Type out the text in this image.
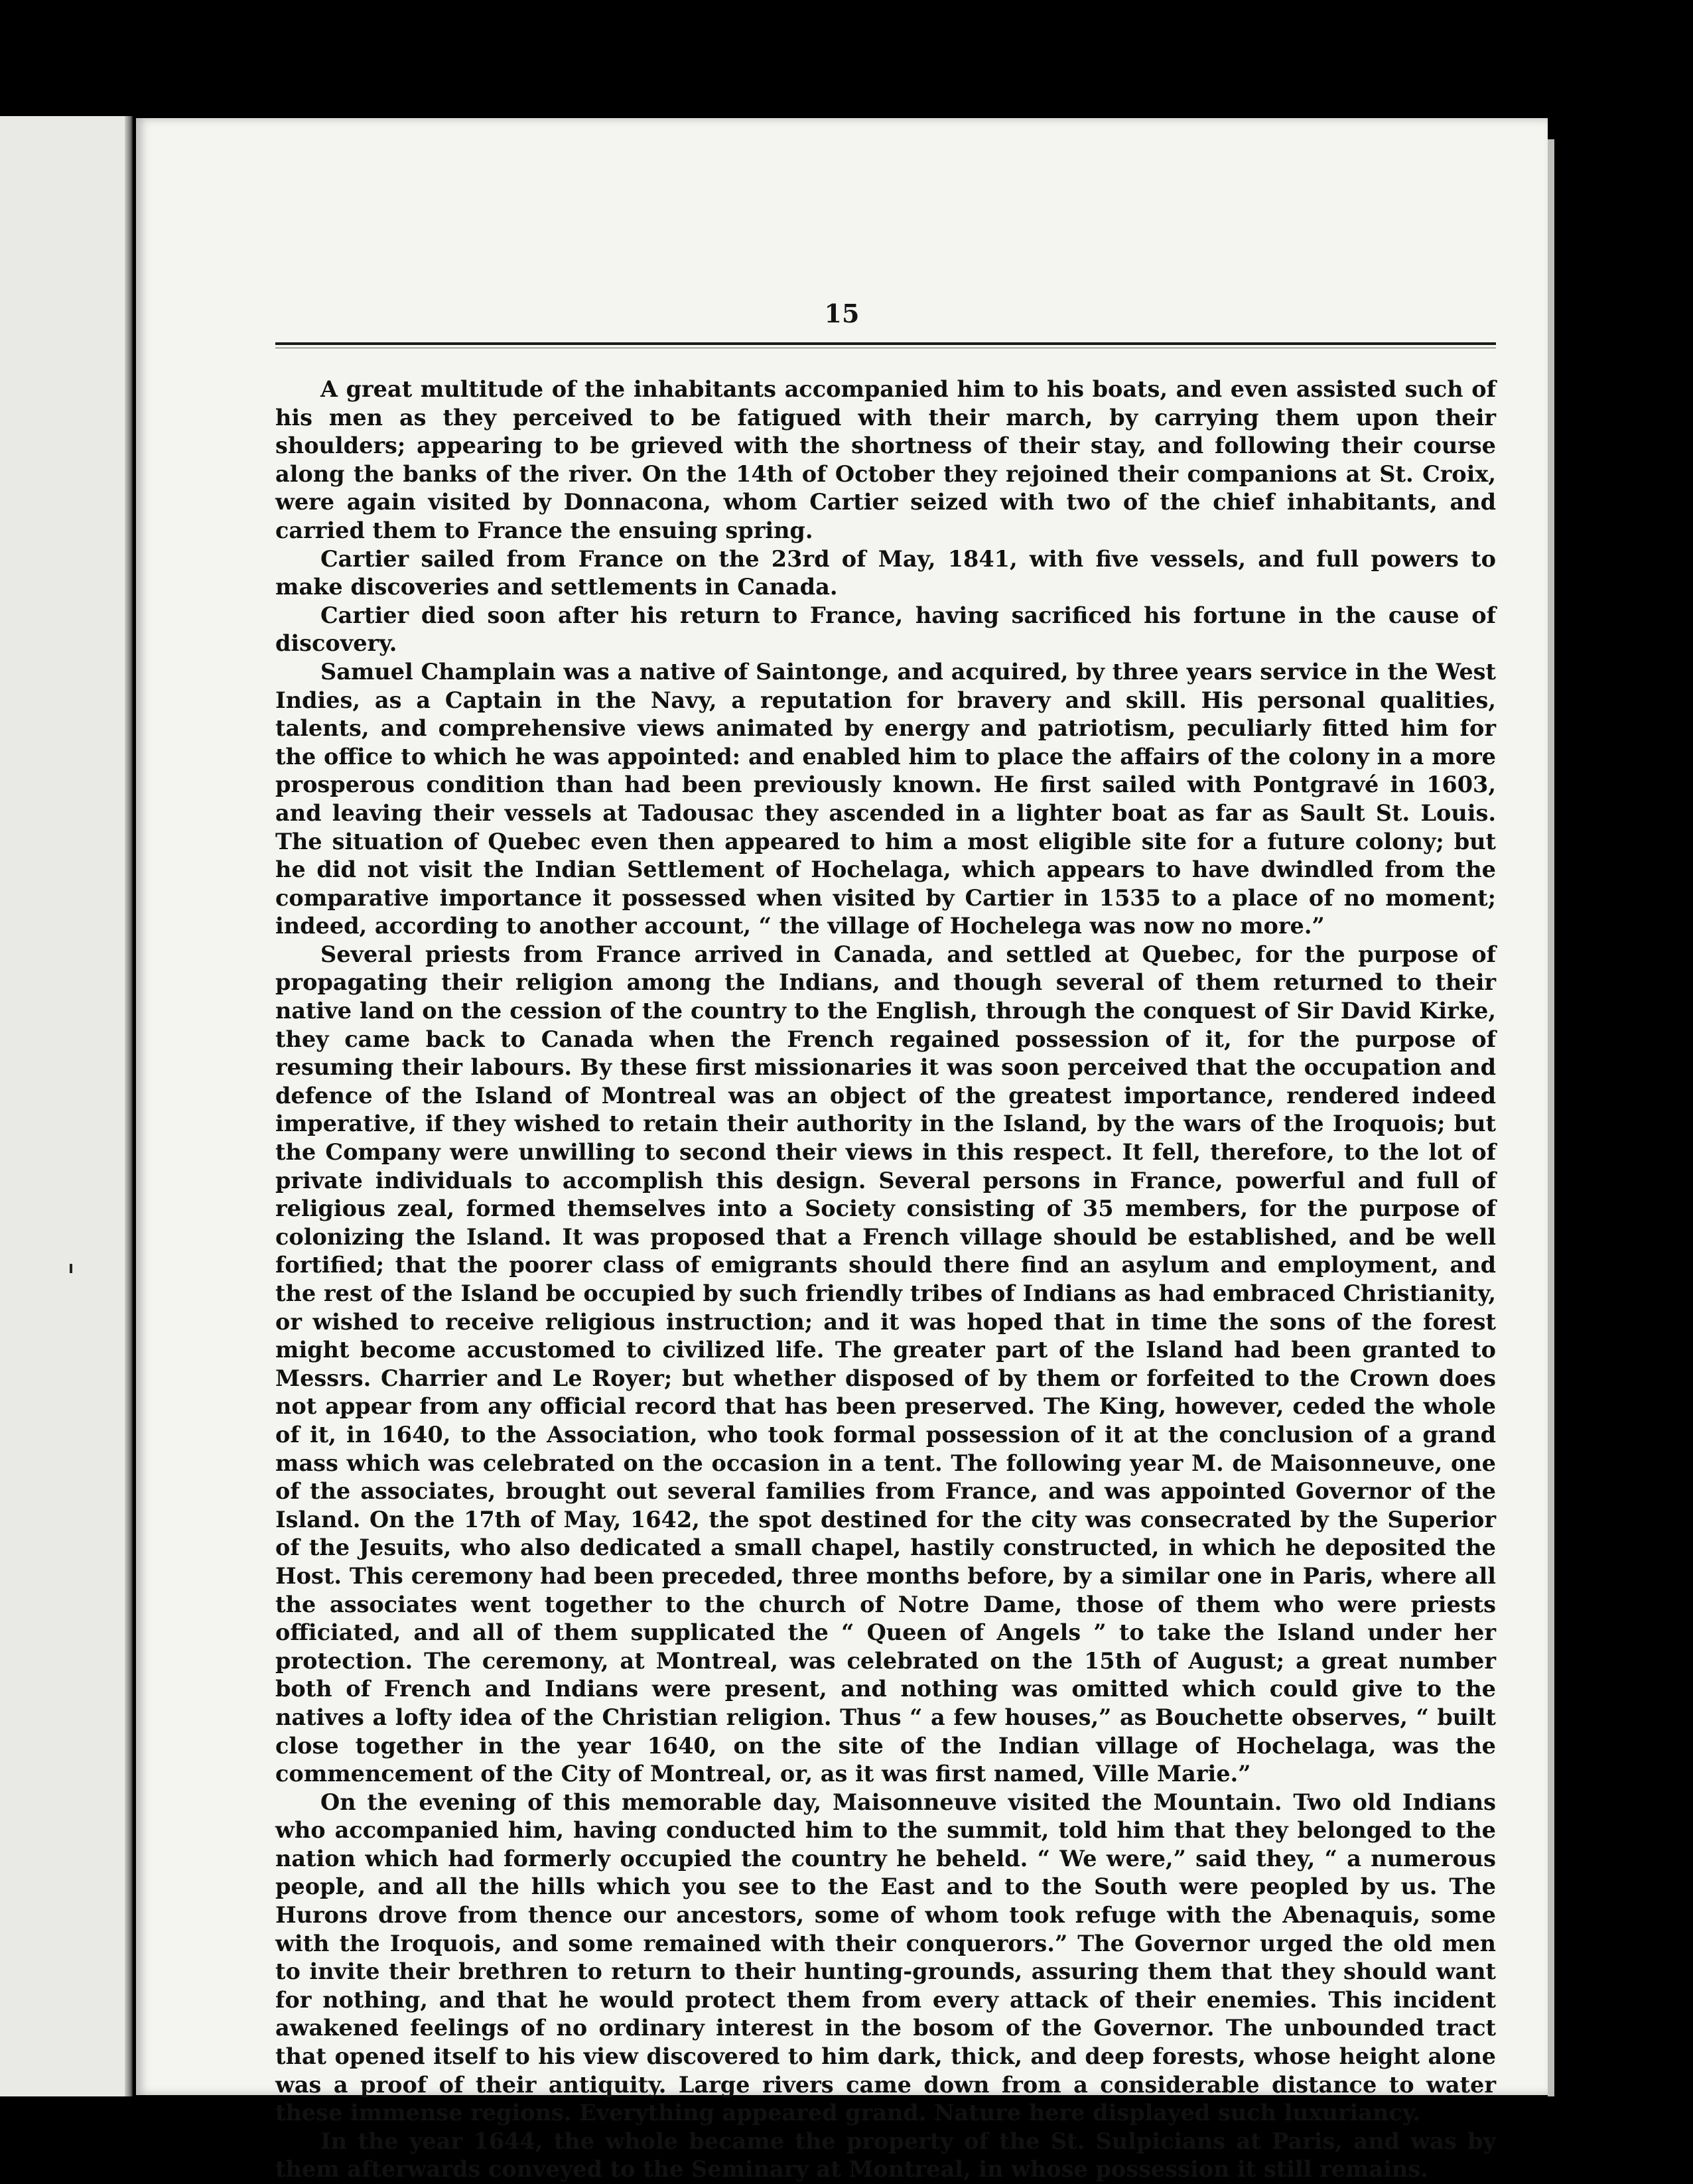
15

A great multitude of the inhabitants accompanied him to his boats, and even assisted such of his men as they perceived to be fatigued with their march, by carrying them upon their shoulders; appearing to be grieved with the shortness of their stay, and following their course along the banks of the river. On the 14th of October they rejoined their companions at St. Croix, were again visited by Donnacona, whom Cartier seized with two of the chief inhabitants, and carried them to France the ensuing spring.

Cartier sailed from France on the 23rd of May, 1841, with five vessels, and full powers to make discoveries and settlements in Canada.

Cartier died soon after his return to France, having sacrificed his fortune in the cause of discovery.

Samuel Champlain was a native of Saintonge, and acquired, by three years service in the West Indies, as a Captain in the Navy, a reputation for bravery and skill. His personal qualities, talents, and comprehensive views animated by energy and patriotism, peculiarly fitted him for the office to which he was appointed: and enabled him to place the affairs of the colony in a more prosperous condition than had been previously known. He first sailed with Pontgravé in 1603, and leaving their vessels at Tadousac they ascended in a lighter boat as far as Sault St. Louis. The situation of Quebec even then appeared to him a most eligible site for a future colony; but he did not visit the Indian Settlement of Hochelaga, which appears to have dwindled from the comparative importance it possessed when visited by Cartier in 1535 to a place of no moment; indeed, according to another account, “ the village of Hochelega was now no more.”

Several priests from France arrived in Canada, and settled at Quebec, for the purpose of propagating their religion among the Indians, and though several of them returned to their native land on the cession of the country to the English, through the conquest of Sir David Kirke, they came back to Canada when the French regained possession of it, for the purpose of resuming their labours. By these first missionaries it was soon perceived that the occupation and defence of the Island of Montreal was an object of the greatest importance, rendered indeed imperative, if they wished to retain their authority in the Island, by the wars of the Iroquois; but the Company were unwilling to second their views in this respect. It fell, therefore, to the lot of private individuals to accomplish this design. Several persons in France, powerful and full of religious zeal, formed themselves into a Society consisting of 35 members, for the purpose of colonizing the Island. It was proposed that a French village should be established, and be well fortified; that the poorer class of emigrants should there find an asylum and employment, and the rest of the Island be occupied by such friendly tribes of Indians as had embraced Christianity, or wished to receive religious instruction; and it was hoped that in time the sons of the forest might become accustomed to civilized life. The greater part of the Island had been granted to Messrs. Charrier and Le Royer; but whether disposed of by them or forfeited to the Crown does not appear from any official record that has been preserved. The King, however, ceded the whole of it, in 1640, to the Association, who took formal possession of it at the conclusion of a grand mass which was celebrated on the occasion in a tent. The following year M. de Maisonneuve, one of the associates, brought out several families from France, and was appointed Governor of the Island. On the 17th of May, 1642, the spot destined for the city was consecrated by the Superior of the Jesuits, who also dedicated a small chapel, hastily constructed, in which he deposited the Host. This ceremony had been preceded, three months before, by a similar one in Paris, where all the associates went together to the church of Notre Dame, those of them who were priests officiated, and all of them supplicated the “ Queen of Angels ” to take the Island under her protection. The ceremony, at Montreal, was celebrated on the 15th of August; a great number both of French and Indians were present, and nothing was omitted which could give to the natives a lofty idea of the Christian religion. Thus “ a few houses,” as Bouchette observes, “ built close together in the year 1640, on the site of the Indian village of Hochelaga, was the commencement of the City of Montreal, or, as it was first named, Ville Marie.”

On the evening of this memorable day, Maisonneuve visited the Mountain. Two old Indians who accompanied him, having conducted him to the summit, told him that they belonged to the nation which had formerly occupied the country he beheld. “ We were,” said they, “ a numerous people, and all the hills which you see to the East and to the South were peopled by us. The Hurons drove from thence our ancestors, some of whom took refuge with the Abenaquis, some with the Iroquois, and some remained with their conquerors.” The Governor urged the old men to invite their brethren to return to their hunting-grounds, assuring them that they should want for nothing, and that he would protect them from every attack of their enemies. This incident awakened feelings of no ordinary interest in the bosom of the Governor. The unbounded tract that opened itself to his view discovered to him dark, thick, and deep forests, whose height alone was a proof of their antiquity. Large rivers came down from a considerable distance to water these immense regions. Everything appeared grand. Nature here displayed such luxuriancy.

In the year 1644, the whole became the property of the St. Sulpicians at Paris, and was by them afterwards conveyed to the Seminary at Montreal, in whose possession it still remains.
